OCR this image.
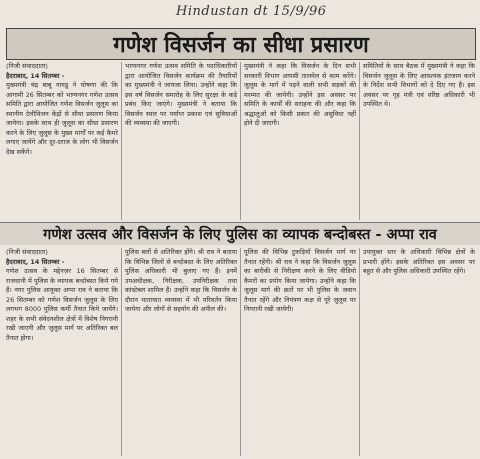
Hindustan dt 15/9/96
गणेश विसर्जन का सीधा प्रसारण

(निजी संवाददाता)

हैदराबाद, 14 सितम्बर -

मुख्यमंत्री चंद्र बाबू नायडू ने घोषणा की कि आगामी 26 सितम्बर को भाग्यनगर गणेश उत्सव समिति द्वारा आयोजित गणेश विसर्जन जुलूस का स्थानीय टेलीविजन केंद्रों से सीधा प्रसारण किया जायेगा। इसके साथ ही जुलूस का सीधा प्रसारण करने के लिए जुलूस के मुख्य मार्गों पर कई कैमरे लगाए जायेंगे और दूर-दराज के लोग भी विसर्जन देख सकेंगे।

भाग्यनगर गणेश उत्सव समिति के पदाधिकारियों द्वारा आयोजित विसर्जन कार्यक्रम की तैयारियों का मुख्यमंत्री ने जायजा लिया। उन्होंने कहा कि इस वर्ष विसर्जन समारोह के लिए सुरक्षा के कड़े प्रबंध किए जाएंगे। मुख्यमंत्री ने बताया कि विसर्जन स्थल पर पर्याप्त प्रकाश एवं सुविधाओं की व्यवस्था की जाएगी।

मुख्यमंत्री ने कहा कि विसर्जन के दिन सभी सरकारी विभाग आपसी तालमेल से काम करेंगे। जुलूस के मार्ग में पड़ने वाली सभी सड़कों की मरम्मत की जायेगी। उन्होंने इस अवसर पर समिति के कार्यों की सराहना की और कहा कि श्रद्धालुओं को किसी प्रकार की असुविधा नहीं होने दी जाएगी।

समितियों के साथ बैठक में मुख्यमंत्री ने कहा कि विसर्जन जुलूस के लिए आवश्यक इंतजाम करने के निर्देश सभी विभागों को दे दिए गए हैं। इस अवसर पर गृह मंत्री एवं वरिष्ठ अधिकारी भी उपस्थित थे।

गणेश उत्सव और विसर्जन के लिए पुलिस का व्यापक बन्दोबस्त - अप्पा राव

(निजी संवाददाता)

हैदराबाद, 14 सितम्बर -

गणेश उत्सव के मद्देनज़र 16 सितम्बर से राजधानी में पुलिस के व्यापक बन्दोबस्त किये गये हैं। नगर पुलिस आयुक्त अप्पा राव ने बताया कि 26 सितम्बर को गणेश विसर्जन जुलूस के लिए लगभग 8000 पुलिस कर्मी तैनात किये जायेंगे। शहर के सभी संवेदनशील क्षेत्रों में विशेष निगरानी रखी जाएगी और जुलूस मार्ग पर अतिरिक्त बल तैनात होगा।

पुलिस बलों से अतिरिक्त होंगे। श्री राव ने बताया कि विभिन्न जिलों से बन्दोबस्त के लिए अतिरिक्त पुलिस अधिकारी भी बुलाए गए हैं। इनमें उपअधीक्षक, निरीक्षक, उपनिरीक्षक तथा कांस्टेबल शामिल हैं। उन्होंने कहा कि विसर्जन के दौरान यातायात व्यवस्था में भी परिवर्तन किया जायेगा और लोगों से सहयोग की अपील की।

पुलिस की विभिन्न टुकड़ियाँ विसर्जन मार्ग पर तैनात रहेंगी। श्री राव ने कहा कि विसर्जन जुलूस का बारीकी से निरीक्षण करने के लिए वीडियो कैमरों का प्रयोग किया जायेगा। उन्होंने कहा कि जुलूस मार्ग की छतों पर भी पुलिस के जवान तैनात रहेंगे और नियंत्रण कक्ष से पूरे जुलूस पर निगरानी रखी जायेगी।

उपायुक्त स्तर के अधिकारी विभिन्न क्षेत्रों के प्रभारी होंगे। इसके अतिरिक्त इस अवसर पर बहुत से और पुलिस अधिकारी उपस्थित रहेंगे।
